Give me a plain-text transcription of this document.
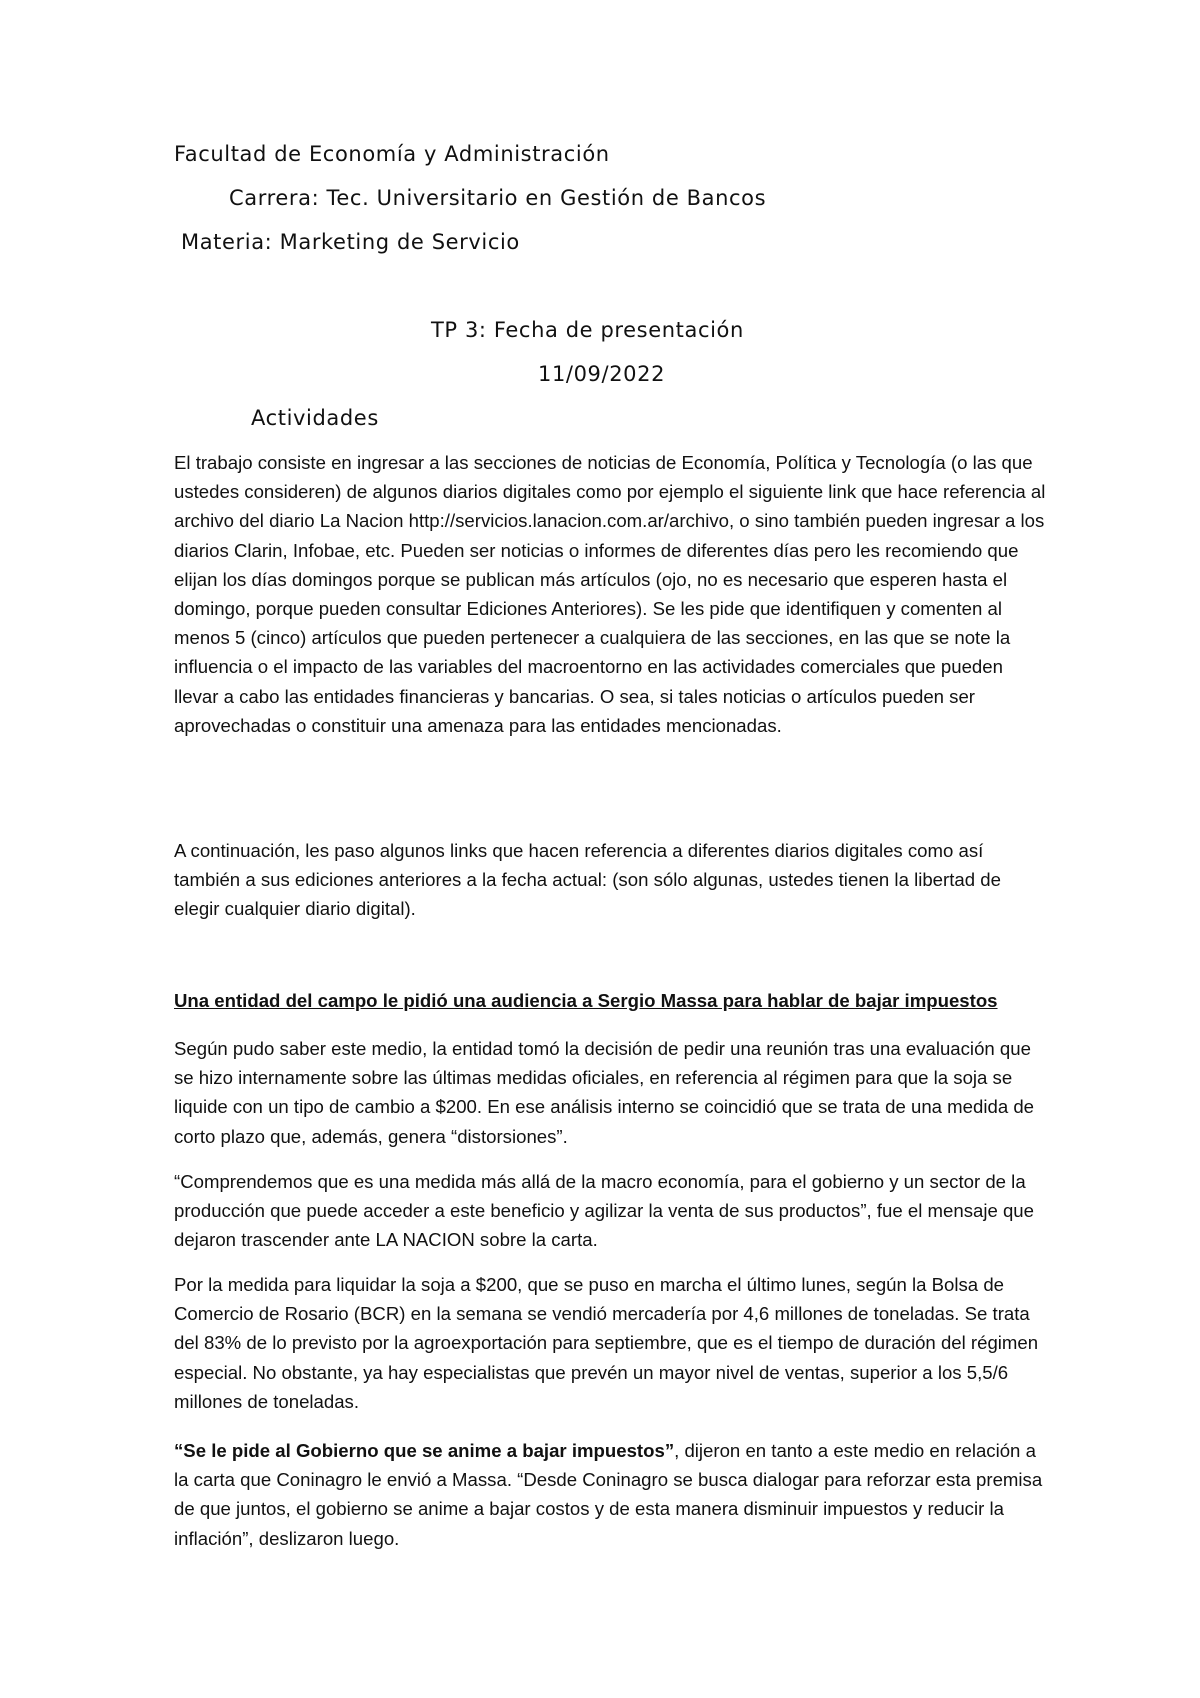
Facultad de Economía y Administración
Carrera: Tec. Universitario en Gestión de Bancos
Materia: Marketing de Servicio
TP 3: Fecha de presentación
11/09/2022
Actividades

El trabajo consiste en ingresar a las secciones de noticias de Economía, Política y Tecnología (o las que ustedes consideren) de algunos diarios digitales como por ejemplo el siguiente link que hace referencia al archivo del diario La Nacion http://servicios.lanacion.com.ar/archivo, o sino también pueden ingresar a los diarios Clarin, Infobae, etc. Pueden ser noticias o informes de diferentes días pero les recomiendo que elijan los días domingos porque se publican más artículos (ojo, no es necesario que esperen hasta el domingo, porque pueden consultar Ediciones Anteriores). Se les pide que identifiquen y comenten al menos 5 (cinco) artículos que pueden pertenecer a cualquiera de las secciones, en las que se note la influencia o el impacto de las variables del macroentorno en las actividades comerciales que pueden llevar a cabo las entidades financieras y bancarias. O sea, si tales noticias o artículos pueden ser aprovechadas o constituir una amenaza para las entidades mencionadas.

A continuación, les paso algunos links que hacen referencia a diferentes diarios digitales como así también a sus ediciones anteriores a la fecha actual: (son sólo algunas, ustedes tienen la libertad de elegir cualquier diario digital).

Una entidad del campo le pidió una audiencia a Sergio Massa para hablar de bajar impuestos

Según pudo saber este medio, la entidad tomó la decisión de pedir una reunión tras una evaluación que se hizo internamente sobre las últimas medidas oficiales, en referencia al régimen para que la soja se liquide con un tipo de cambio a $200. En ese análisis interno se coincidió que se trata de una medida de corto plazo que, además, genera “distorsiones”.

“Comprendemos que es una medida más allá de la macro economía, para el gobierno y un sector de la producción que puede acceder a este beneficio y agilizar la venta de sus productos”, fue el mensaje que dejaron trascender ante LA NACION sobre la carta.

Por la medida para liquidar la soja a $200, que se puso en marcha el último lunes, según la Bolsa de Comercio de Rosario (BCR) en la semana se vendió mercadería por 4,6 millones de toneladas. Se trata del 83% de lo previsto por la agroexportación para septiembre, que es el tiempo de duración del régimen especial. No obstante, ya hay especialistas que prevén un mayor nivel de ventas, superior a los 5,5/6 millones de toneladas.

“Se le pide al Gobierno que se anime a bajar impuestos”, dijeron en tanto a este medio en relación a la carta que Coninagro le envió a Massa. “Desde Coninagro se busca dialogar para reforzar esta premisa de que juntos, el gobierno se anime a bajar costos y de esta manera disminuir impuestos y reducir la inflación”, deslizaron luego.
